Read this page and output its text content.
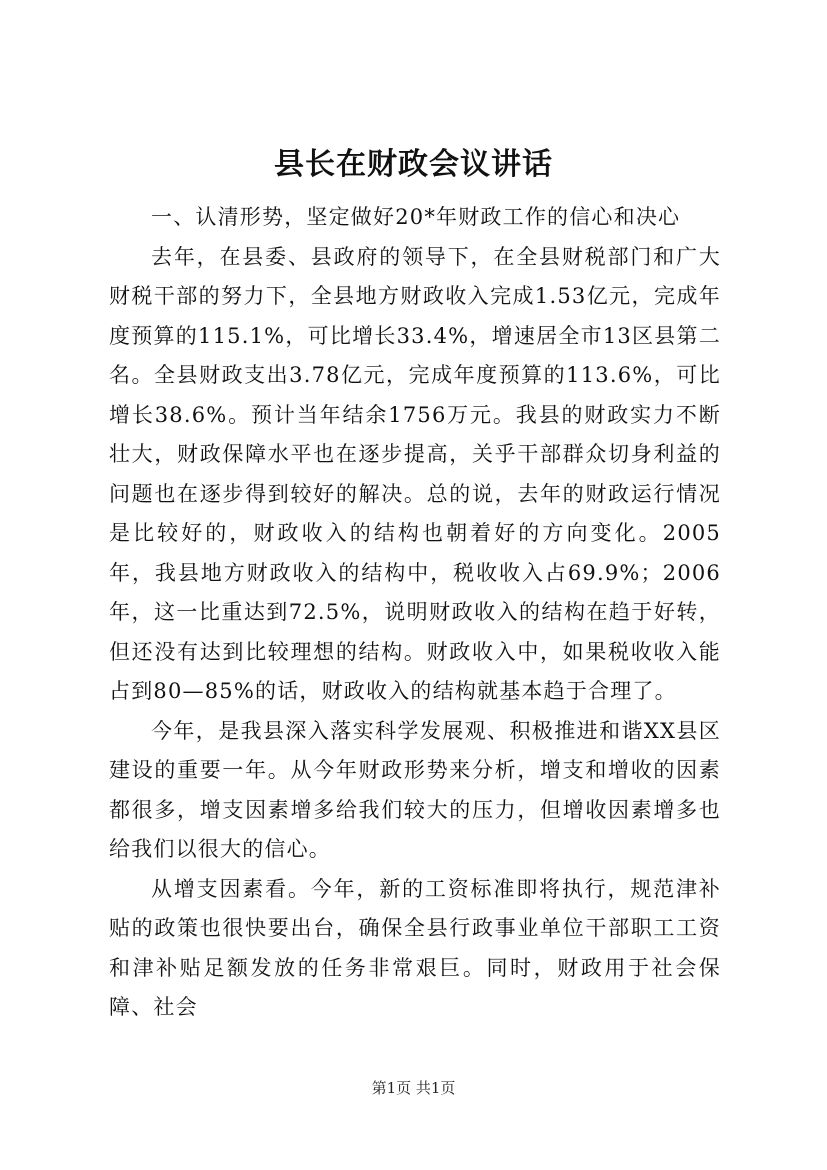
县长在财政会议讲话

一、认清形势，坚定做好20*年财政工作的信心和决心

去年，在县委、县政府的领导下，在全县财税部门和广大财税干部的努力下，全县地方财政收入完成1.53亿元，完成年度预算的115.1%，可比增长33.4%，增速居全市13区县第二名。全县财政支出3.78亿元，完成年度预算的113.6%，可比增长38.6%。预计当年结余1756万元。我县的财政实力不断壮大，财政保障水平也在逐步提高，关乎干部群众切身利益的问题也在逐步得到较好的解决。总的说，去年的财政运行情况是比较好的，财政收入的结构也朝着好的方向变化。2005年，我县地方财政收入的结构中，税收收入占69.9%；2006年，这一比重达到72.5%，说明财政收入的结构在趋于好转，但还没有达到比较理想的结构。财政收入中，如果税收收入能占到80—85%的话，财政收入的结构就基本趋于合理了。

今年，是我县深入落实科学发展观、积极推进和谐XX县区建设的重要一年。从今年财政形势来分析，增支和增收的因素都很多，增支因素增多给我们较大的压力，但增收因素增多也给我们以很大的信心。

从增支因素看。今年，新的工资标准即将执行，规范津补贴的政策也很快要出台，确保全县行政事业单位干部职工工资和津补贴足额发放的任务非常艰巨。同时，财政用于社会保障、社会

第1页 共1页
